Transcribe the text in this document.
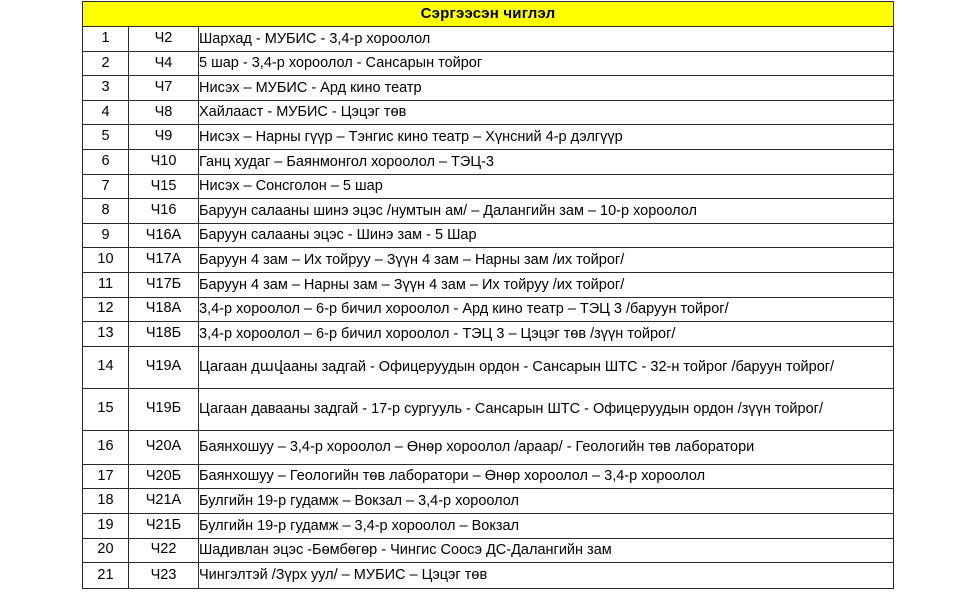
Сэргээсэн чиглэл		
1	Ч2	Шархад - МУБИС - 3,4-р хороолол
2	Ч4	5 шар - 3,4-р хороолол - Сансарын тойрог
3	Ч7	Нисэх – МУБИС - Ард кино театр
4	Ч8	Хайлааст - МУБИС - Цэцэг төв
5	Ч9	Нисэх – Нарны гүүр – Тэнгис кино театр – Хүнсний 4-р дэлгүүр
6	Ч10	Ганц худаг – Баянмонгол хороолол – ТЭЦ-3
7	Ч15	Нисэх – Сонсголон – 5 шар
8	Ч16	Баруун салааны шинэ эцэс /нумтын ам/ – Далангийн зам – 10-р хороолол
9	Ч16А	Баруун салааны эцэс - Шинэ зам - 5 Шар
10	Ч17А	Баруун 4 зам – Их тойруу – Зүүн 4 зам – Нарны зам /их тойрог/
11	Ч17Б	Баруун 4 зам – Нарны зам – Зүүн 4 зам – Их тойруу /их тойрог/
12	Ч18А	3,4-р хороолол – 6-р бичил хороолол - Ард кино театр – ТЭЦ 3 /баруун тойрог/
13	Ч18Б	3,4-р хороолол – 6-р бичил хороолол - ТЭЦ 3 – Цэцэг төв /зүүн тойрог/
14	Ч19А	Цагаан дավааны задгай - Офицеруудын ордон - Сансарын ШТС - 32-н тойрог /баруун тойрог/
15	Ч19Б	Цагаан давааны задгай - 17-р сургууль - Сансарын ШТС - Офицеруудын ордон /зүүн тойрог/
16	Ч20А	Баянхошуу – 3,4-р хороолол – Өнөр хороолол /араар/ - Геологийн төв лаборатори
17	Ч20Б	Баянхошуу – Геологийн төв лаборатори – Өнөр хороолол – 3,4-р хороолол
18	Ч21А	Булгийн 19-р гудамж – Вокзал – 3,4-р хороолол
19	Ч21Б	Булгийн 19-р гудамж – 3,4-р хороолол – Вокзал
20	Ч22	Шадивлан эцэс -Бөмбөгөр - Чингис Соосэ ДС-Далангийн зам
21	Ч23	Чингэлтэй /Зүрх уул/ – МУБИС – Цэцэг төв
